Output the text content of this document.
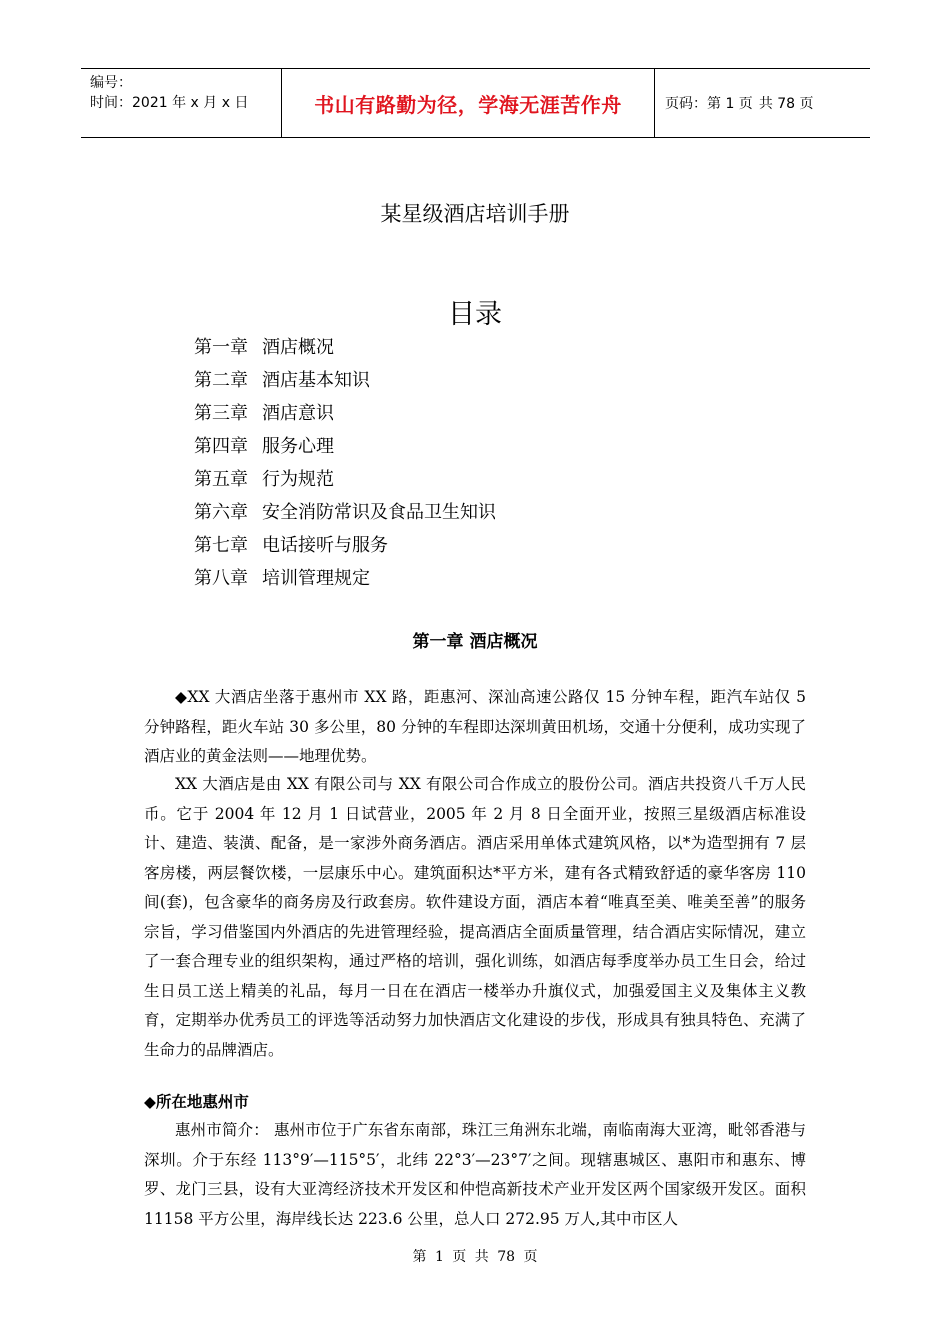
编号：
时间：2021 年 x 月 x 日	书山有路勤为径，学海无涯苦作舟	页码：第 1 页 共 78 页
某星级酒店培训手册
目录
第一章 酒店概况
第二章 酒店基本知识
第三章 酒店意识
第四章 服务心理
第五章 行为规范
第六章 安全消防常识及食品卫生知识
第七章 电话接听与服务
第八章 培训管理规定
第一章 酒店概况

◆XX 大酒店坐落于惠州市 XX 路，距惠河、深汕高速公路仅 15 分钟车程，距汽车站仅 5 分钟路程，距火车站 30 多公里，80 分钟的车程即达深圳黄田机场，交通十分便利，成功实现了酒店业的黄金法则——地理优势。

XX 大酒店是由 XX 有限公司与 XX 有限公司合作成立的股份公司。酒店共投资八千万人民币。它于 2004 年 12 月 1 日试营业，2005 年 2 月 8 日全面开业，按照三星级酒店标准设计、建造、装潢、配备，是一家涉外商务酒店。酒店采用单体式建筑风格，以*为造型拥有 7 层客房楼，两层餐饮楼，一层康乐中心。建筑面积达*平方米，建有各式精致舒适的豪华客房 110 间(套)，包含豪华的商务房及行政套房。软件建设方面，酒店本着“唯真至美、唯美至善”的服务宗旨，学习借鉴国内外酒店的先进管理经验，提高酒店全面质量管理，结合酒店实际情况，建立了一套合理专业的组织架构，通过严格的培训，强化训练，如酒店每季度举办员工生日会，给过生日员工送上精美的礼品，每月一日在在酒店一楼举办升旗仪式，加强爱国主义及集体主义教育，定期举办优秀员工的评选等活动努力加快酒店文化建设的步伐，形成具有独具特色、充满了生命力的品牌酒店。

◆所在地惠州市

惠州市简介： 惠州市位于广东省东南部，珠江三角洲东北端，南临南海大亚湾，毗邻香港与深圳。介于东经 113°9′—115°5′，北纬 22°3′—23°7′之间。现辖惠城区、惠阳市和惠东、博罗、龙门三县，设有大亚湾经济技术开发区和仲恺高新技术产业开发区两个国家级开发区。面积 11158 平方公里，海岸线长达 223.6 公里，总人口 272.95 万人,其中市区人

第 1 页 共 78 页
